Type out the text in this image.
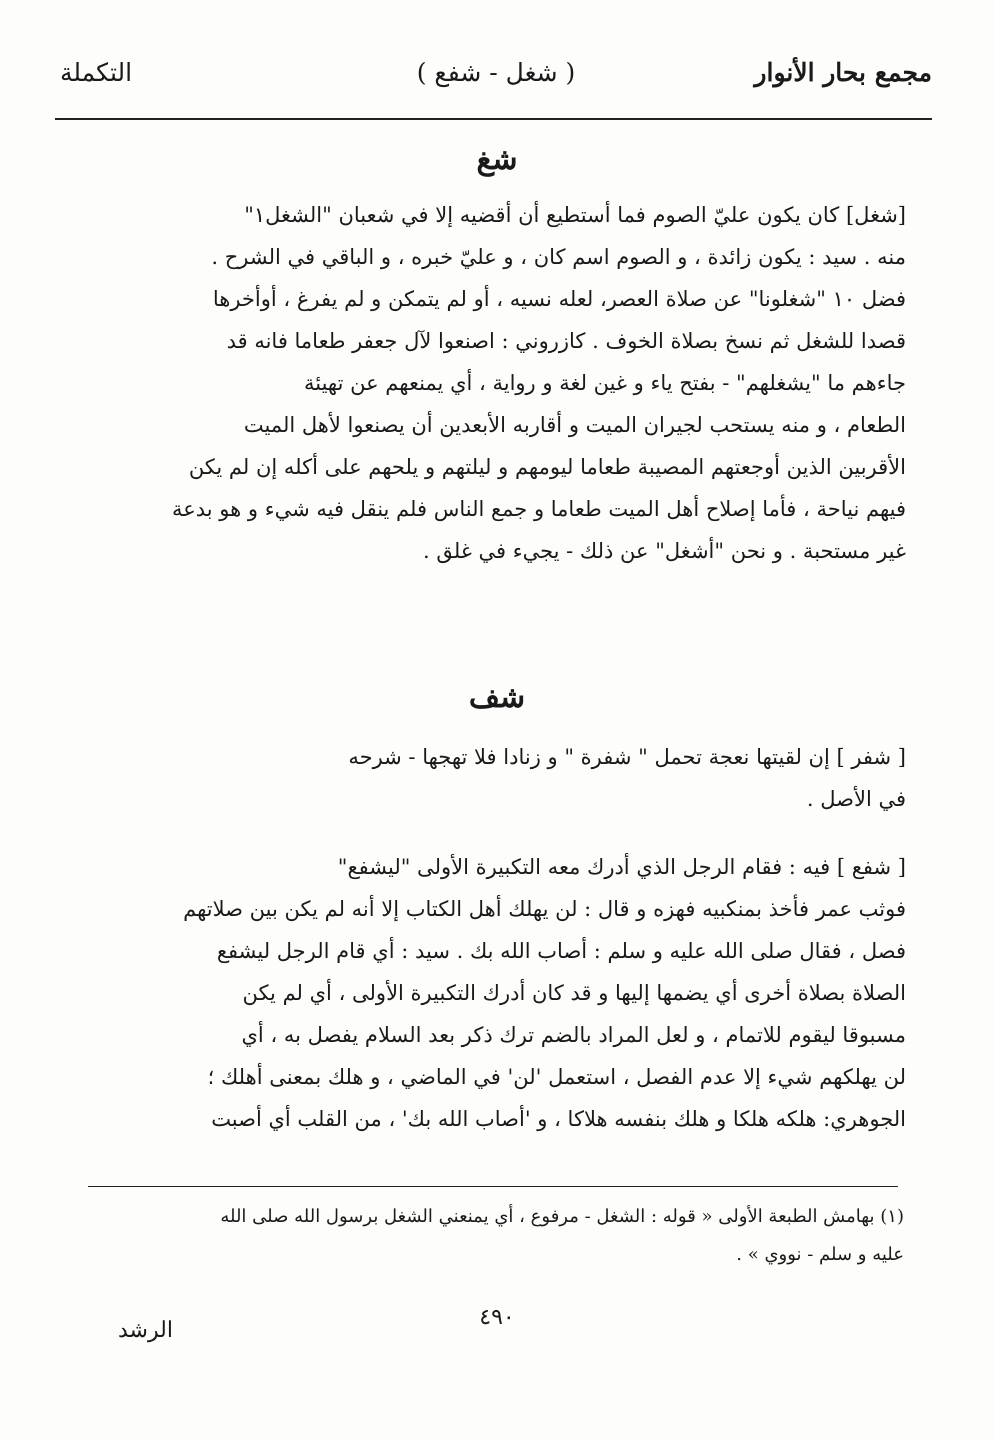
مجمع بحار الأنوار
( شغل - شفع )
التكملة
شغ
[شغل] كان يكون عليّ الصوم فما أستطيع أن أقضيه إلا في شعبان "الشغل١"
منه . سيد : يكون زائدة ، و الصوم اسم كان ، و عليّ خبره ، و الباقي في الشرح .
فضل ١٠ "شغلونا" عن صلاة العصر، لعله نسيه ، أو لم يتمكن و لم يفرغ ، أوأخرها
قصدا للشغل ثم نسخ بصلاة الخوف . كازروني : اصنعوا لآل جعفر طعاما فانه قد
جاءهم ما "يشغلهم" - بفتح ياء و غين لغة و رواية ، أي يمنعهم عن تهيئة
الطعام ، و منه يستحب لجيران الميت و أقاربه الأبعدين أن يصنعوا لأهل الميت
الأقربين الذين أوجعتهم المصيبة طعاما ليومهم و ليلتهم و يلحهم على أكله إن لم يكن
فيهم نياحة ، فأما إصلاح أهل الميت طعاما و جمع الناس فلم ينقل فيه شيء و هو بدعة
غير مستحبة . و نحن "أشغل" عن ذلك - يجيء في غلق .
شف
[ شفر ] إن لقيتها نعجة تحمل " شفرة " و زنادا فلا تهجها - شرحه
في الأصل .
[ شفع ] فيه : فقام الرجل الذي أدرك معه التكبيرة الأولى "ليشفع"
فوثب عمر فأخذ بمنكبيه فهزه و قال : لن يهلك أهل الكتاب إلا أنه لم يكن بين صلاتهم
فصل ، فقال صلى الله عليه و سلم : أصاب الله بك . سيد : أي قام الرجل ليشفع
الصلاة بصلاة أخرى أي يضمها إليها و قد كان أدرك التكبيرة الأولى ، أي لم يكن
مسبوقا ليقوم للاتمام ، و لعل المراد بالضم ترك ذكر بعد السلام يفصل به ، أي
لن يهلكهم شيء إلا عدم الفصل ، استعمل 'لن' في الماضي ، و هلك بمعنى أهلك ؛
الجوهري: هلكه هلكا و هلك بنفسه هلاكا ، و 'أصاب الله بك' ، من القلب أي أصبت
(١) بهامش الطبعة الأولى « قوله : الشغل - مرفوع ، أي يمنعني الشغل برسول الله صلى الله
عليه و سلم - نووي » .
٤٩٠
الرشد
